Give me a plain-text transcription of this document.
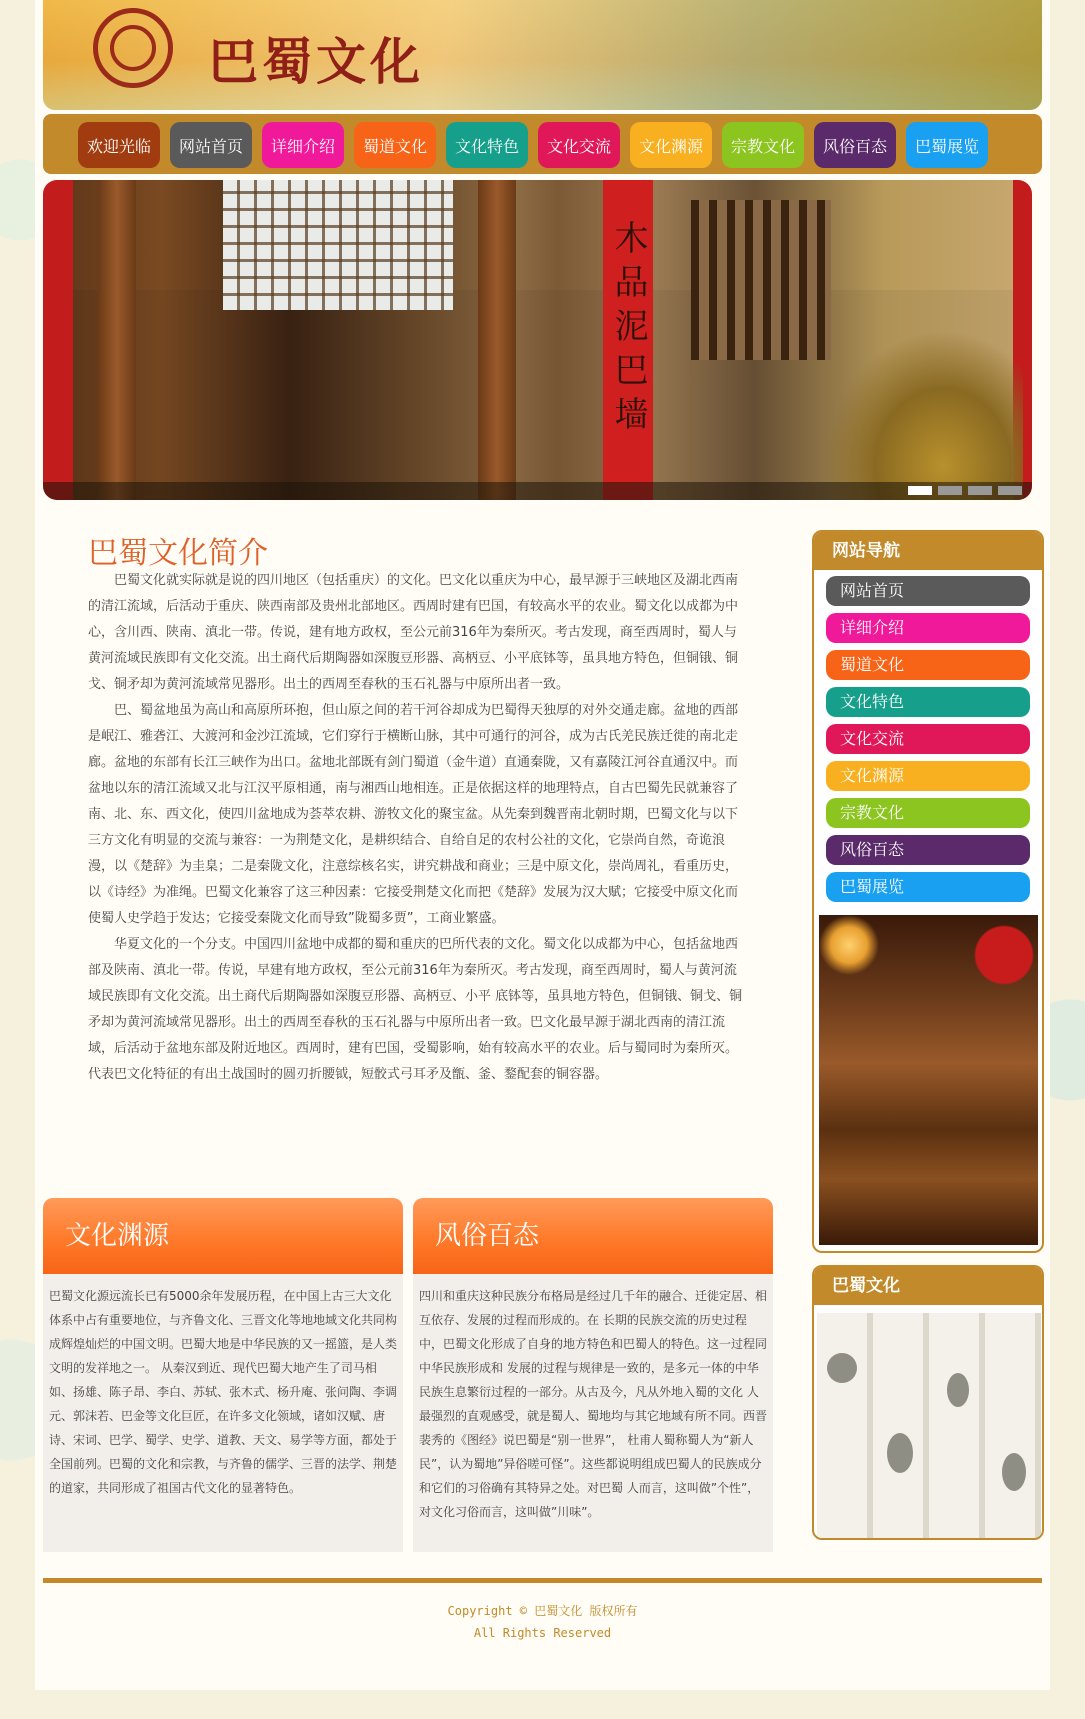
巴蜀文化
欢迎光临	网站首页	详细介绍	蜀道文化	文化特色	文化交流	文化渊源	宗教文化	风俗百态	巴蜀展览
木品泥巴墙
巴蜀文化简介

巴蜀文化就实际就是说的四川地区（包括重庆）的文化。巴文化以重庆为中心，最早源于三峡地区及湖北西南的清江流域，后活动于重庆、陕西南部及贵州北部地区。西周时建有巴国，有较高水平的农业。蜀文化以成都为中心，含川西、陕南、滇北一带。传说，建有地方政权，至公元前316年为秦所灭。考古发现，商至西周时，蜀人与黄河流域民族即有文化交流。出土商代后期陶器如深腹豆形器、高柄豆、小平底钵等，虽具地方特色，但铜锇、铜戈、铜矛却为黄河流域常见器形。出土的西周至春秋的玉石礼器与中原所出者一致。

巴、蜀盆地虽为高山和高原所环抱，但山原之间的若干河谷却成为巴蜀得天独厚的对外交通走廊。盆地的西部是岷江、雅砻江、大渡河和金沙江流域，它们穿行于横断山脉，其中可通行的河谷，成为古氏羌民族迁徙的南北走廊。盆地的东部有长江三峡作为出口。盆地北部既有剑门蜀道（金牛道）直通秦陇，又有嘉陵江河谷直通汉中。而盆地以东的清江流域又北与江汉平原相通，南与湘西山地相连。正是依据这样的地理特点，自古巴蜀先民就兼容了南、北、东、西文化，使四川盆地成为荟萃农耕、游牧文化的聚宝盆。从先秦到魏晋南北朝时期，巴蜀文化与以下三方文化有明显的交流与兼容：一为荆楚文化，是耕织结合、自给自足的农村公社的文化，它崇尚自然，奇诡浪漫，以《楚辞》为圭臬；二是秦陇文化，注意综核名实，讲究耕战和商业；三是中原文化，崇尚周礼，看重历史，以《诗经》为准绳。巴蜀文化兼容了这三种因素：它接受荆楚文化而把《楚辞》发展为汉大赋；它接受中原文化而使蜀人史学趋于发达；它接受秦陇文化而导致”陇蜀多贾”，工商业繁盛。

华夏文化的一个分支。中国四川盆地中成都的蜀和重庆的巴所代表的文化。蜀文化以成都为中心，包括盆地西部及陕南、滇北一带。传说，早建有地方政权，至公元前316年为秦所灭。考古发现，商至西周时，蜀人与黄河流域民族即有文化交流。出土商代后期陶器如深腹豆形器、高柄豆、小平 底钵等，虽具地方特色，但铜锇、铜戈、铜矛却为黄河流域常见器形。出土的西周至春秋的玉石礼器与中原所出者一致。巴文化最早源于湖北西南的清江流域，后活动于盆地东部及附近地区。西周时，建有巴国，受蜀影响，始有较高水平的农业。后与蜀同时为秦所灭。代表巴文化特征的有出土战国时的圆刃折腰钺，短骹式弓耳矛及甑、釜、鍪配套的铜容器。

网站导航
网站首页
详细介绍
蜀道文化
文化特色
文化交流
文化渊源
宗教文化
风俗百态
巴蜀展览
巴蜀文化
文化渊源
巴蜀文化源远流长已有5000余年发展历程，在中国上古三大文化体系中占有重要地位，与齐鲁文化、三晋文化等地地域文化共同构成辉煌灿烂的中国文明。巴蜀大地是中华民族的又一摇篮，是人类文明的发祥地之一。 从秦汉到近、现代巴蜀大地产生了司马相如、扬雄、陈子昂、李白、苏轼、张木式、杨升庵、张问陶、李调元、郭沫若、巴金等文化巨匠，在许多文化领域，诸如汉赋、唐诗、宋词、巴学、蜀学、史学、道教、天文、易学等方面，都处于全国前列。巴蜀的文化和宗教，与齐鲁的儒学、三晋的法学、荆楚的道家，共同形成了祖国古代文化的显著特色。
风俗百态
四川和重庆这种民族分布格局是经过几千年的融合、迁徙定居、相互依存、发展的过程而形成的。在 长期的民族交流的历史过程中，巴蜀文化形成了自身的地方特色和巴蜀人的特色。这一过程同中华民族形成和 发展的过程与规律是一致的，是多元一体的中华民族生息繁衍过程的一部分。从古及今，凡从外地入蜀的文化 人最强烈的直观感受，就是蜀人、蜀地均与其它地域有所不同。西晋裴秀的《图经》说巴蜀是“别一世界”， 杜甫人蜀称蜀人为“新人民”，认为蜀地”异俗嗟可怪”。这些都说明组成巴蜀人的民族成分和它们的习俗确有其特异之处。对巴蜀 人而言，这叫做”个性”，对文化习俗而言，这叫做”川味”。
Copyright © 巴蜀文化 版权所有
All Rights Reserved
